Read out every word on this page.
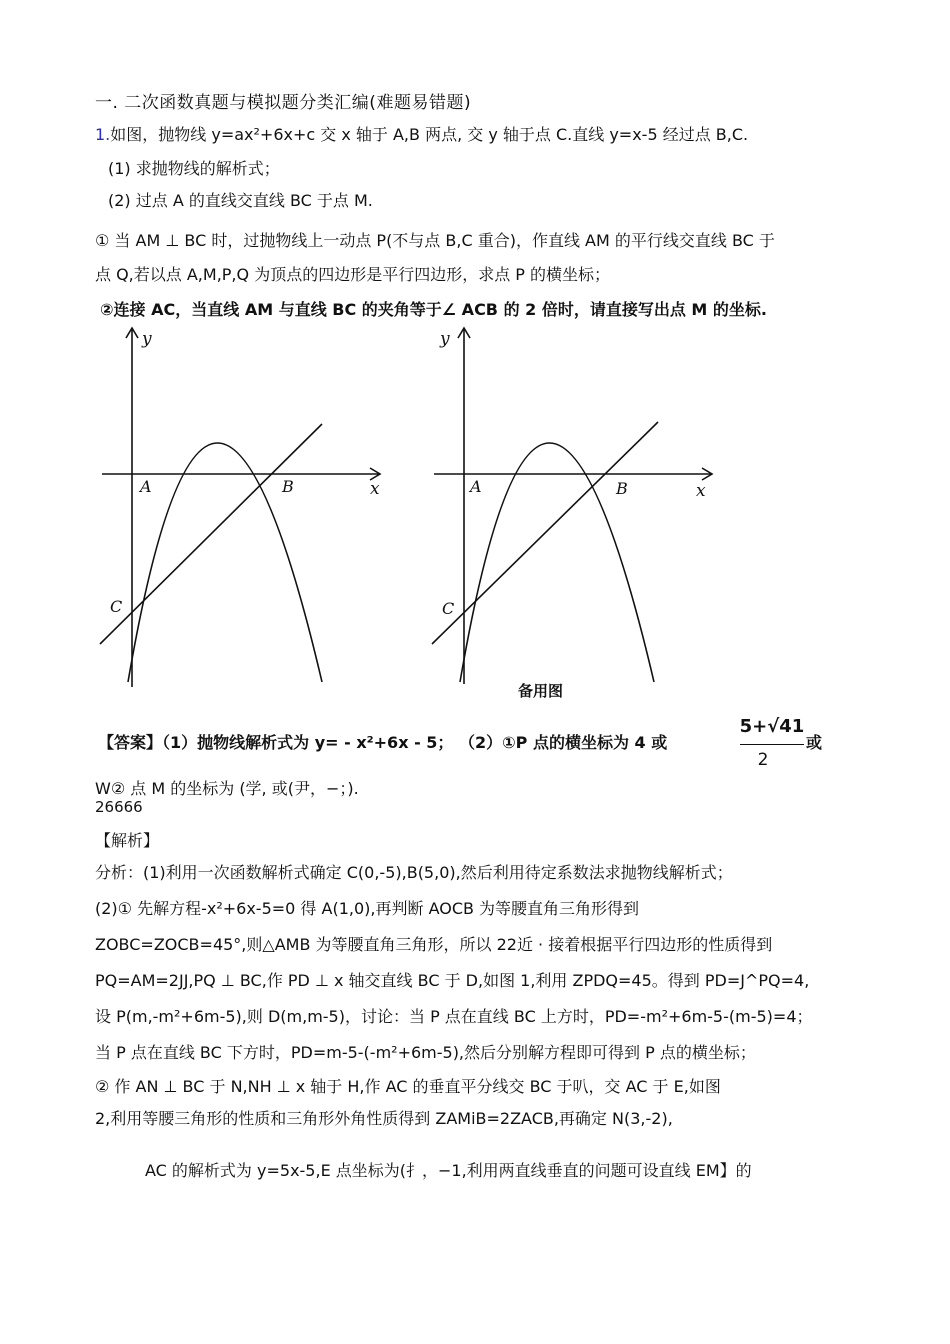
一. 二次函数真题与模拟题分类汇编(难题易错题)
1.如图，抛物线 y=ax²+6x+c 交 x 轴于 A,B 两点, 交 y 轴于点 C.直线 y=x-5 经过点 B,C.
(1) 求抛物线的解析式；
(2) 过点 A 的直线交直线 BC 于点 M.
① 当 AM ⊥ BC 时，过抛物线上一动点 P(不与点 B,C 重合)，作直线 AM 的平行线交直线 BC 于
点 Q,若以点 A,M,P,Q 为顶点的四边形是平行四边形，求点 P 的横坐标；
②连接 AC，当直线 AM 与直线 BC 的夹角等于∠ ACB 的 2 倍时，请直接写出点 M 的坐标.
y
x
A	B
C
y
x
A	B
C
备用图
【答案】（1）抛物线解析式为 y= - x²+6x - 5； （2）①P 点的横坐标为 4 或
5+√41
2
或
W② 点 M 的坐标为 (学, 或(尹，−；).
26666
【解析】
分析：(1)利用一次函数解析式确定 C(0,-5),B(5,0),然后利用待定系数法求抛物线解析式；
(2)① 先解方程-x²+6x-5=0 得 A(1,0),再判断 AOCB 为等腰直角三角形得到
ZOBC=ZOCB=45°,则△AMB 为等腰直角三角形，所以 22近 · 接着根据平行四边形的性质得到
PQ=AM=2JJ,PQ ⊥ BC,作 PD ⊥ x 轴交直线 BC 于 D,如图 1,利用 ZPDQ=45。得到 PD=J^PQ=4,
设 P(m,-m²+6m-5),则 D(m,m-5)，讨论：当 P 点在直线 BC 上方时，PD=-m²+6m-5-(m-5)=4；
当 P 点在直线 BC 下方时，PD=m-5-(-m²+6m-5),然后分别解方程即可得到 P 点的横坐标；
② 作 AN ⊥ BC 于 N,NH ⊥ x 轴于 H,作 AC 的垂直平分线交 BC 于叭，交 AC 于 E,如图
2,利用等腰三角形的性质和三角形外角性质得到 ZAMiB=2ZACB,再确定 N(3,-2),
AC 的解析式为 y=5x-5,E 点坐标为(扌，−1,利用两直线垂直的问题可设直线 EM】的
